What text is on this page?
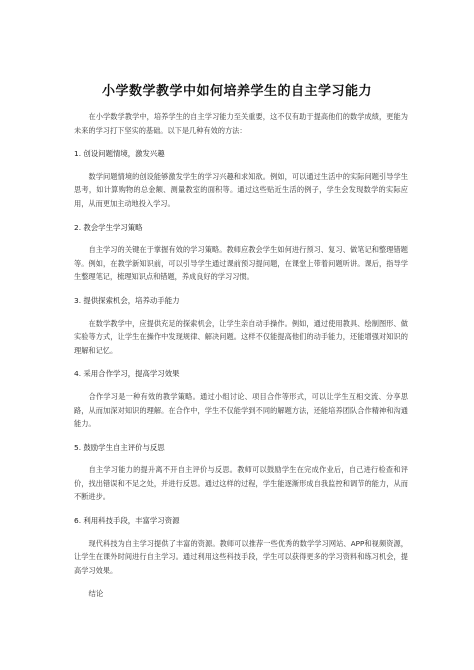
小学数学教学中如何培养学生的自主学习能力

在小学数学教学中，培养学生的自主学习能力至关重要，这不仅有助于提高他们的数学成绩，更能为未来的学习打下坚实的基础。以下是几种有效的方法：

1. 创设问题情境，激发兴趣

数学问题情境的创设能够激发学生的学习兴趣和求知欲。例如，可以通过生活中的实际问题引导学生思考，如计算购物的总金额、测量教室的面积等。通过这些贴近生活的例子，学生会发现数学的实际应用，从而更加主动地投入学习。

2. 教会学生学习策略

自主学习的关键在于掌握有效的学习策略。教师应教会学生如何进行预习、复习、做笔记和整理错题等。例如，在教学新知识前，可以引导学生通过课前预习提问题，在课堂上带着问题听讲。课后，指导学生整理笔记，梳理知识点和错题，养成良好的学习习惯。

3. 提供探索机会，培养动手能力

在数学教学中，应提供充足的探索机会，让学生亲自动手操作。例如，通过使用教具、绘制图形、做实验等方式，让学生在操作中发现规律、解决问题。这样不仅能提高他们的动手能力，还能增强对知识的理解和记忆。

4. 采用合作学习，提高学习效果

合作学习是一种有效的教学策略。通过小组讨论、项目合作等形式，可以让学生互相交流、分享思路，从而加深对知识的理解。在合作中，学生不仅能学到不同的解题方法，还能培养团队合作精神和沟通能力。

5. 鼓励学生自主评价与反思

自主学习能力的提升离不开自主评价与反思。教师可以鼓励学生在完成作业后，自己进行检查和评价，找出错误和不足之处，并进行反思。通过这样的过程，学生能逐渐形成自我监控和调节的能力，从而不断进步。

6. 利用科技手段，丰富学习资源

现代科技为自主学习提供了丰富的资源。教师可以推荐一些优秀的数学学习网站、APP和视频资源，让学生在课外时间进行自主学习。通过利用这些科技手段，学生可以获得更多的学习资料和练习机会，提高学习效果。

结论
